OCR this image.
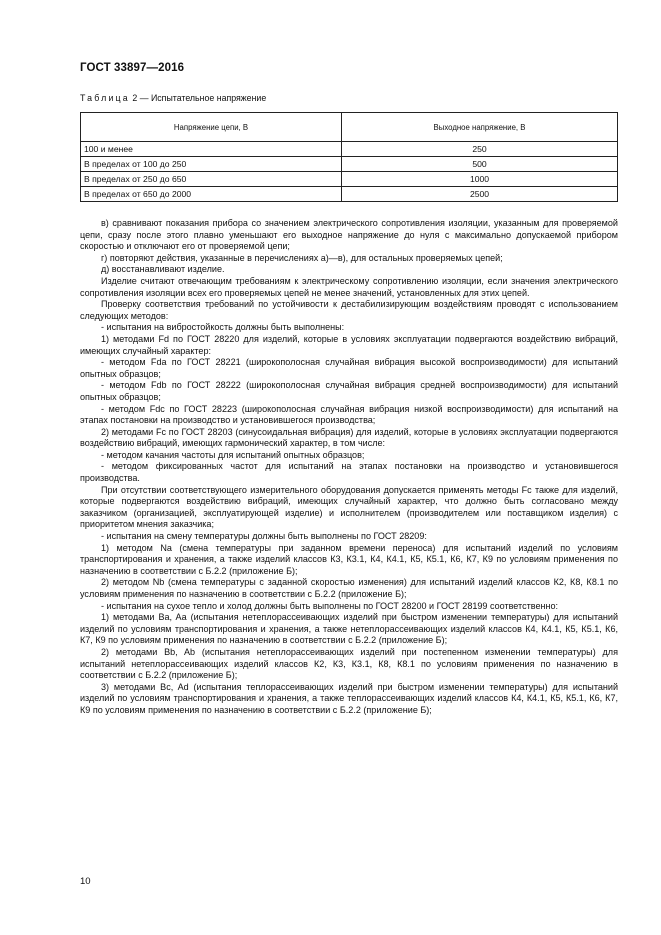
ГОСТ 33897—2016
Таблица 2 — Испытательное напряжение
Напряжение цепи, В	Выходное напряжение, В
100 и менее	250
В пределах от 100 до 250	500
В пределах от 250 до 650	1000
В пределах от 650 до 2000	2500

в) сравнивают показания прибора со значением электрического сопротивления изоляции, указанным для проверяемой цепи, сразу после этого плавно уменьшают его выходное напряжение до нуля с максимально допускаемой прибором скоростью и отключают его от проверяемой цепи;

г) повторяют действия, указанные в перечислениях а)—в), для остальных проверяемых цепей;

д) восстанавливают изделие.

Изделие считают отвечающим требованиям к электрическому сопротивлению изоляции, если значения электрического сопротивления изоляции всех его проверяемых цепей не менее значений, установленных для этих цепей.

Проверку соответствия требований по устойчивости к дестабилизирующим воздействиям проводят с использованием следующих методов:

- испытания на вибростойкость должны быть выполнены:

1) методами Fd по ГОСТ 28220 для изделий, которые в условиях эксплуатации подвергаются воздействию вибраций, имеющих случайный характер:

- методом Fda по ГОСТ 28221 (широкополосная случайная вибрация высокой воспроизводимости) для испытаний опытных образцов;

- методом Fdb по ГОСТ 28222 (широкополосная случайная вибрация средней воспроизводимости) для испытаний опытных образцов;

- методом Fdc по ГОСТ 28223 (широкополосная случайная вибрация низкой воспроизводимости) для испытаний на этапах постановки на производство и установившегося производства;

2) методами Fc по ГОСТ 28203 (синусоидальная вибрация) для изделий, которые в условиях эксплуатации подвергаются воздействию вибраций, имеющих гармонический характер, в том числе:

- методом качания частоты для испытаний опытных образцов;

- методом фиксированных частот для испытаний на этапах постановки на производство и установившегося производства.

При отсутствии соответствующего измерительного оборудования допускается применять методы Fc также для изделий, которые подвергаются воздействию вибраций, имеющих случайный характер, что должно быть согласовано между заказчиком (организацией, эксплуатирующей изделие) и исполнителем (производителем или поставщиком изделия) с приоритетом мнения заказчика;

- испытания на смену температуры должны быть выполнены по ГОСТ 28209:

1) методом Na (смена температуры при заданном времени переноса) для испытаний изделий по условиям транспортирования и хранения, а также изделий классов К3, К3.1, К4, К4.1, К5, К5.1, К6, К7, К9 по условиям применения по назначению в соответствии с Б.2.2 (приложение Б);

2) методом Nb (смена температуры с заданной скоростью изменения) для испытаний изделий классов К2, К8, К8.1 по условиям применения по назначению в соответствии с Б.2.2 (приложение Б);

- испытания на сухое тепло и холод должны быть выполнены по ГОСТ 28200 и ГОСТ 28199 соответственно:

1) методами Ba, Aa (испытания нетеплорассеивающих изделий при быстром изменении температуры) для испытаний изделий по условиям транспортирования и хранения, а также нетеплорассеивающих изделий классов К4, К4.1, К5, К5.1, К6, К7, К9 по условиям применения по назначению в соответствии с Б.2.2 (приложение Б);

2) методами Bb, Ab (испытания нетеплорассеивающих изделий при постепенном изменении температуры) для испытаний нетеплорассеивающих изделий классов К2, К3, К3.1, К8, К8.1 по условиям применения по назначению в соответствии с Б.2.2 (приложение Б);

3) методами Bc, Ad (испытания теплорассеивающих изделий при быстром изменении температуры) для испытаний изделий по условиям транспортирования и хранения, а также теплорассеивающих изделий классов К4, К4.1, К5, К5.1, К6, К7, К9 по условиям применения по назначению в соответствии с Б.2.2 (приложение Б);

10
